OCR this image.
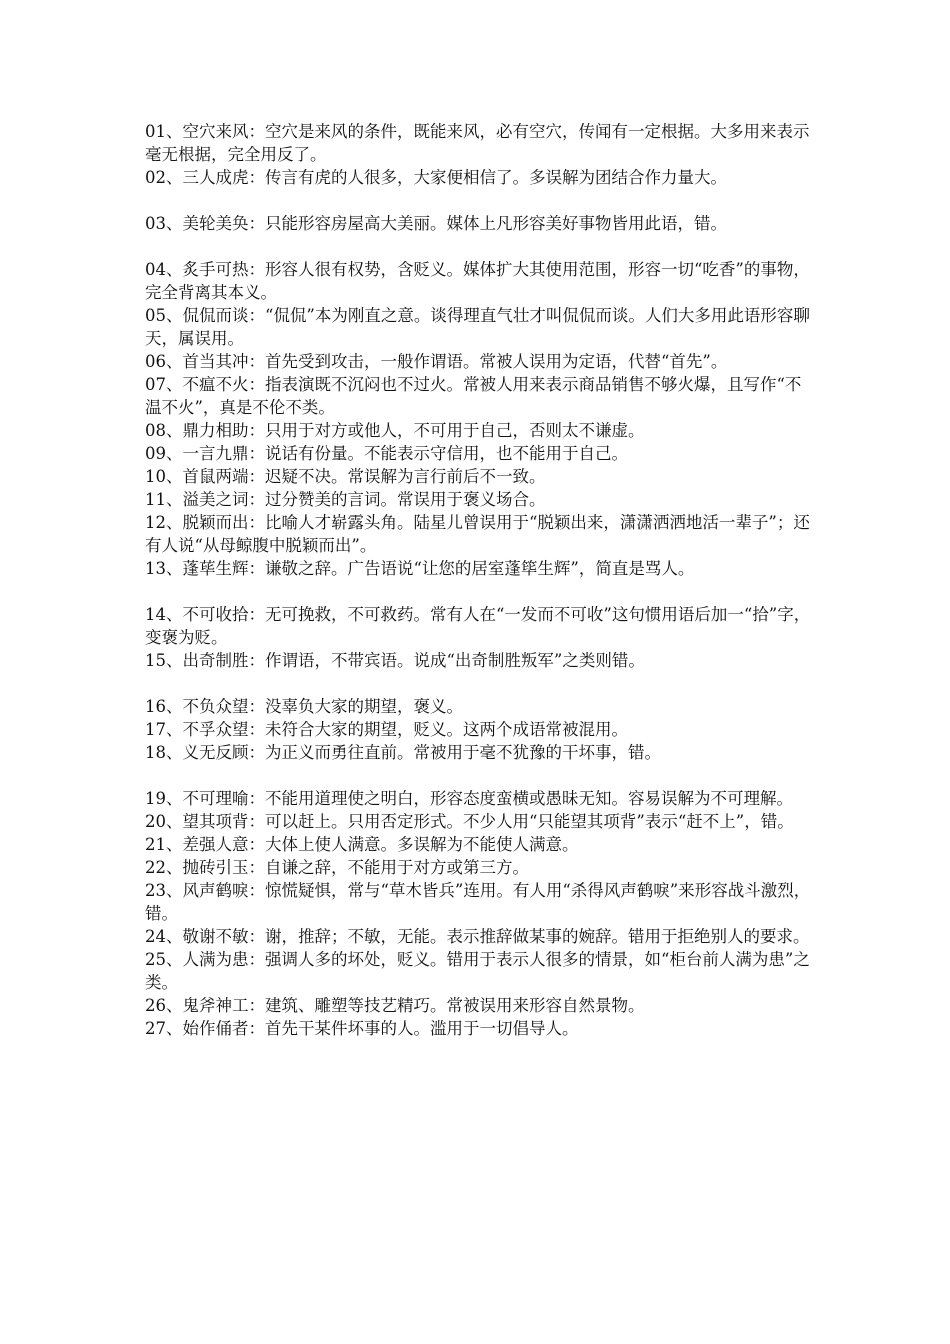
01、空穴来风：空穴是来风的条件，既能来风，必有空穴，传闻有一定根据。大多用来表示毫无根据，完全用反了。

02、三人成虎：传言有虎的人很多，大家便相信了。多误解为团结合作力量大。

03、美轮美奂：只能形容房屋高大美丽。媒体上凡形容美好事物皆用此语，错。

04、炙手可热：形容人很有权势，含贬义。媒体扩大其使用范围，形容一切“吃香”的事物，完全背离其本义。

05、侃侃而谈：“侃侃”本为刚直之意。谈得理直气壮才叫侃侃而谈。人们大多用此语形容聊天，属误用。

06、首当其冲：首先受到攻击，一般作谓语。常被人误用为定语，代替“首先”。

07、不瘟不火：指表演既不沉闷也不过火。常被人用来表示商品销售不够火爆，且写作“不温不火”，真是不伦不类。

08、鼎力相助：只用于对方或他人，不可用于自己，否则太不谦虚。

09、一言九鼎：说话有份量。不能表示守信用，也不能用于自己。

10、首鼠两端：迟疑不决。常误解为言行前后不一致。

11、溢美之词：过分赞美的言词。常误用于褒义场合。

12、脱颖而出：比喻人才崭露头角。陆星儿曾误用于“脱颖出来，潇潇洒洒地活一辈子”；还有人说“从母鲸腹中脱颖而出”。

13、蓬荜生辉：谦敬之辞。广告语说“让您的居室蓬筚生辉”，简直是骂人。

14、不可收拾：无可挽救，不可救药。常有人在“一发而不可收”这句惯用语后加一“拾”字，变褒为贬。

15、出奇制胜：作谓语，不带宾语。说成“出奇制胜叛军”之类则错。

16、不负众望：没辜负大家的期望，褒义。

17、不孚众望：未符合大家的期望，贬义。这两个成语常被混用。

18、义无反顾：为正义而勇往直前。常被用于毫不犹豫的干坏事，错。

19、不可理喻：不能用道理使之明白，形容态度蛮横或愚昧无知。容易误解为不可理解。

20、望其项背：可以赶上。只用否定形式。不少人用“只能望其项背”表示“赶不上”，错。

21、差强人意：大体上使人满意。多误解为不能使人满意。

22、抛砖引玉：自谦之辞，不能用于对方或第三方。

23、风声鹤唳：惊慌疑惧，常与“草木皆兵”连用。有人用“杀得风声鹤唳”来形容战斗激烈，错。

24、敬谢不敏：谢，推辞；不敏，无能。表示推辞做某事的婉辞。错用于拒绝别人的要求。

25、人满为患：强调人多的坏处，贬义。错用于表示人很多的情景，如“柜台前人满为患”之类。

26、鬼斧神工：建筑、雕塑等技艺精巧。常被误用来形容自然景物。

27、始作俑者：首先干某件坏事的人。滥用于一切倡导人。
